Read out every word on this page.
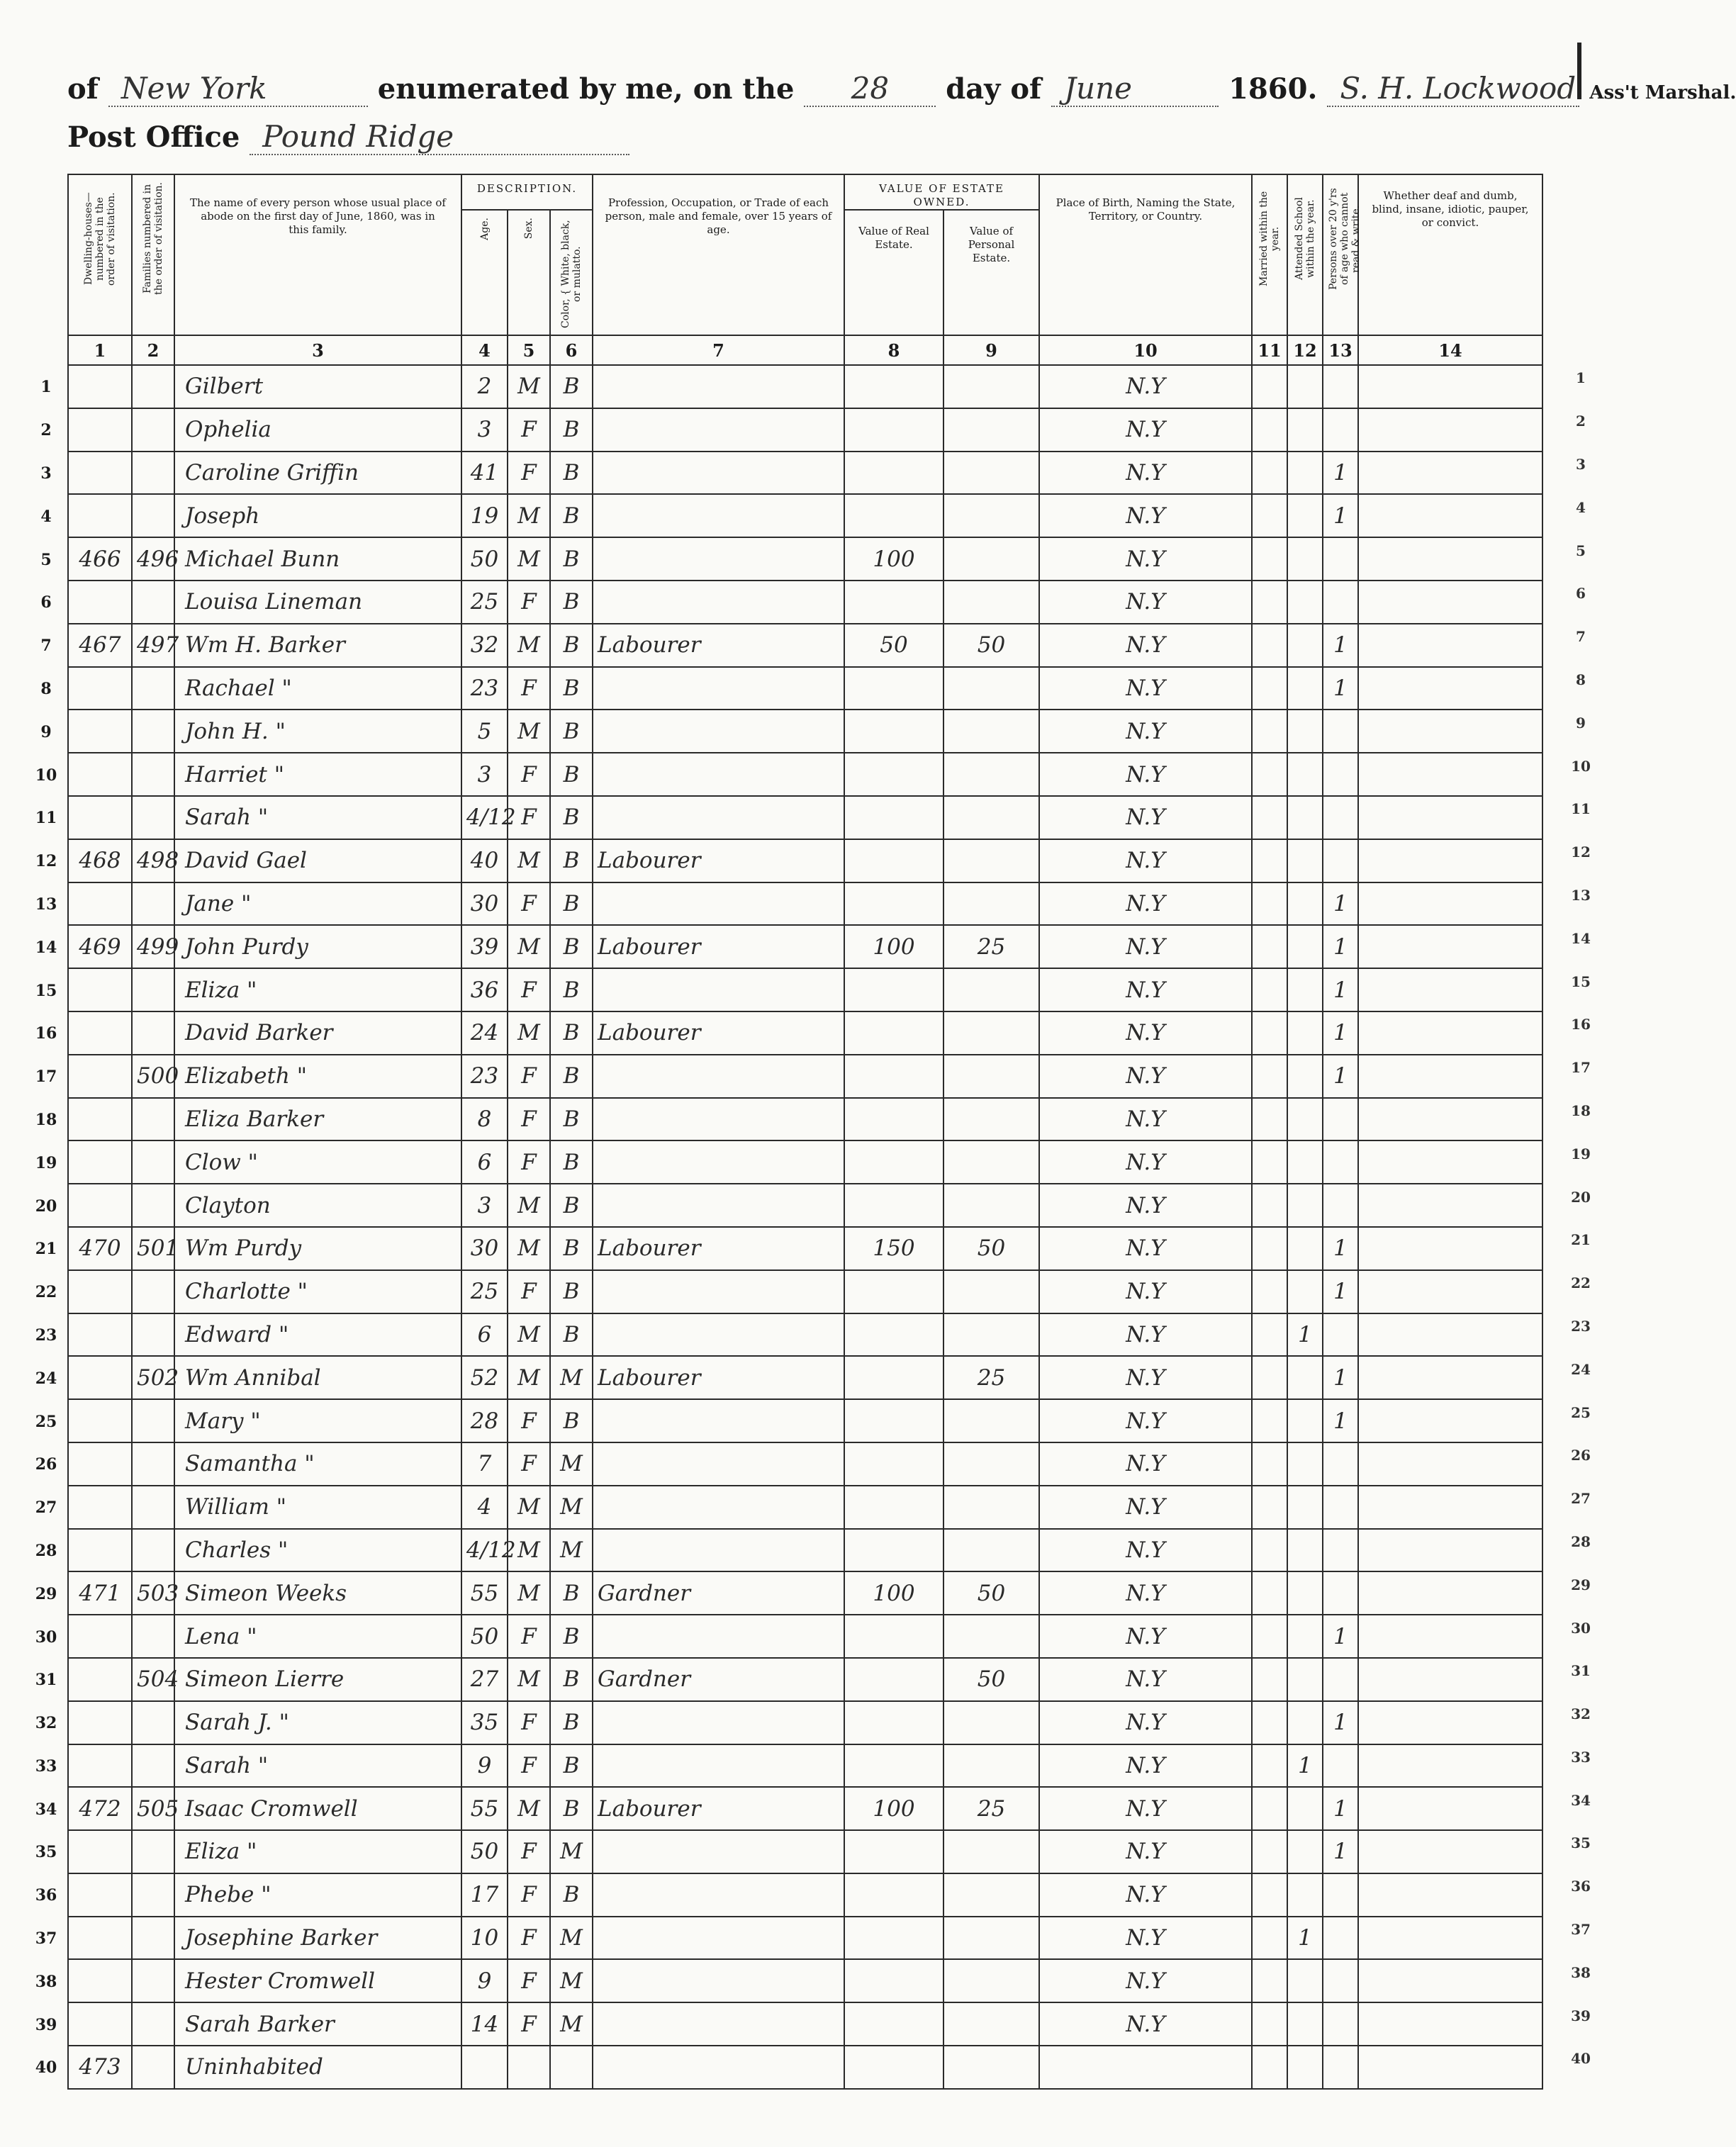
of New York	enumerated by me, on the 28 day of June	1860. S. H. Lockwood Ass't Marshal.
Post Office Pound Ridge
Dwelling-houses—numbered in the order of visitation.	Families numbered in the order of visitation.	The name of every person whose usual place of abode on the first day of June, 1860, was in this family.	DESCRIPTION.			Profession, Occupation, or Trade of each person, male and female, over 15 years of age.	VALUE OF ESTATE OWNED.		Place of Birth, Naming the State, Territory, or Country.	Married within the year.	Attended School within the year.	Persons over 20 y'rs of age who cannot read & write.	Whether deaf and dumb, blind, insane, idiotic, pauper, or convict.
			Age.	Sex.	Color, { White, black, or mulatto.		Value of Real Estate.	Value of Personal Estate.					
1	2	3	4	5	6	7	8	9	10	11	12	13	14
		Gilbert	2	M	B				N.Y				
		Ophelia	3	F	B				N.Y				
		Caroline Griffin	41	F	B				N.Y			1	
		Joseph	19	M	B				N.Y			1	
466	496	Michael Bunn	50	M	B		100		N.Y				
		Louisa Lineman	25	F	B				N.Y				
467	497	Wm H. Barker	32	M	B	Labourer	50	50	N.Y			1	
		Rachael "	23	F	B				N.Y			1	
		John H. "	5	M	B				N.Y				
		Harriet "	3	F	B				N.Y				
		Sarah "	4/12	F	B				N.Y				
468	498	David Gael	40	M	B	Labourer			N.Y				
		Jane "	30	F	B				N.Y			1	
469	499	John Purdy	39	M	B	Labourer	100	25	N.Y			1	
		Eliza "	36	F	B				N.Y			1	
		David Barker	24	M	B	Labourer			N.Y			1	
	500	Elizabeth "	23	F	B				N.Y			1	
		Eliza Barker	8	F	B				N.Y				
		Clow "	6	F	B				N.Y				
		Clayton	3	M	B				N.Y				
470	501	Wm Purdy	30	M	B	Labourer	150	50	N.Y			1	
		Charlotte "	25	F	B				N.Y			1	
		Edward "	6	M	B				N.Y		1		
	502	Wm Annibal	52	M	M	Labourer		25	N.Y			1	
		Mary "	28	F	B				N.Y			1	
		Samantha "	7	F	M				N.Y				
		William "	4	M	M				N.Y				
		Charles "	4/12	M	M				N.Y				
471	503	Simeon Weeks	55	M	B	Gardner	100	50	N.Y				
		Lena "	50	F	B				N.Y			1	
	504	Simeon Lierre	27	M	B	Gardner		50	N.Y				
		Sarah J. "	35	F	B				N.Y			1	
		Sarah "	9	F	B				N.Y		1		
472	505	Isaac Cromwell	55	M	B	Labourer	100	25	N.Y			1	
		Eliza "	50	F	M				N.Y			1	
		Phebe "	17	F	B				N.Y				
		Josephine Barker	10	F	M				N.Y		1		
		Hester Cromwell	9	F	M				N.Y				
		Sarah Barker	14	F	M				N.Y				
473		Uninhabited											
1
2
3
4
5
6
7
8
9
10
11
12
13
14
15
16
17
18
19
20
21
22
23
24
25
26
27
28
29
30
31
32
33
34
35
36
37
38
39
40
1
2
3
4
5
6
7
8
9
10
11
12
13
14
15
16
17
18
19
20
21
22
23
24
25
26
27
28
29
30
31
32
33
34
35
36
37
38
39
40
